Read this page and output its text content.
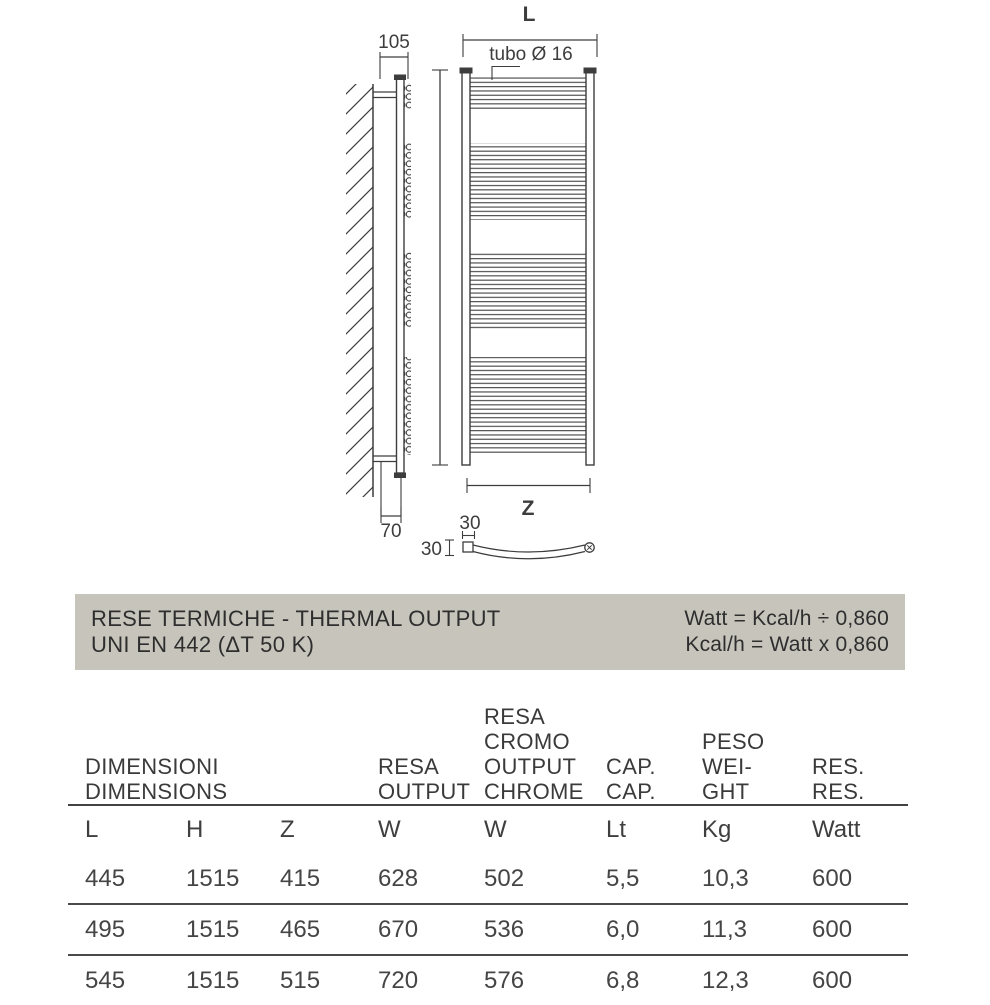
105
70
L
tubo Ø 16
Z
30
30
RESE TERMICHE - THERMAL OUTPUT
UNI EN 442 (ΔT 50 K)
Watt = Kcal/h ÷ 0,860
Kcal/h = Watt x 0,860
DIMENSIONI
DIMENSIONS

RESA
OUTPUT

RESA
CROMO
OUTPUT
CHROME

CAP.
CAP.

PESO
WEI-
GHT

RES.
RES.

L	H	Z	W	W	Lt	Kg	Watt
445	1515	415	628	502	5,5	10,3	600
495	1515	465	670	536	6,0	11,3	600
545	1515	515	720	576	6,8	12,3	600
